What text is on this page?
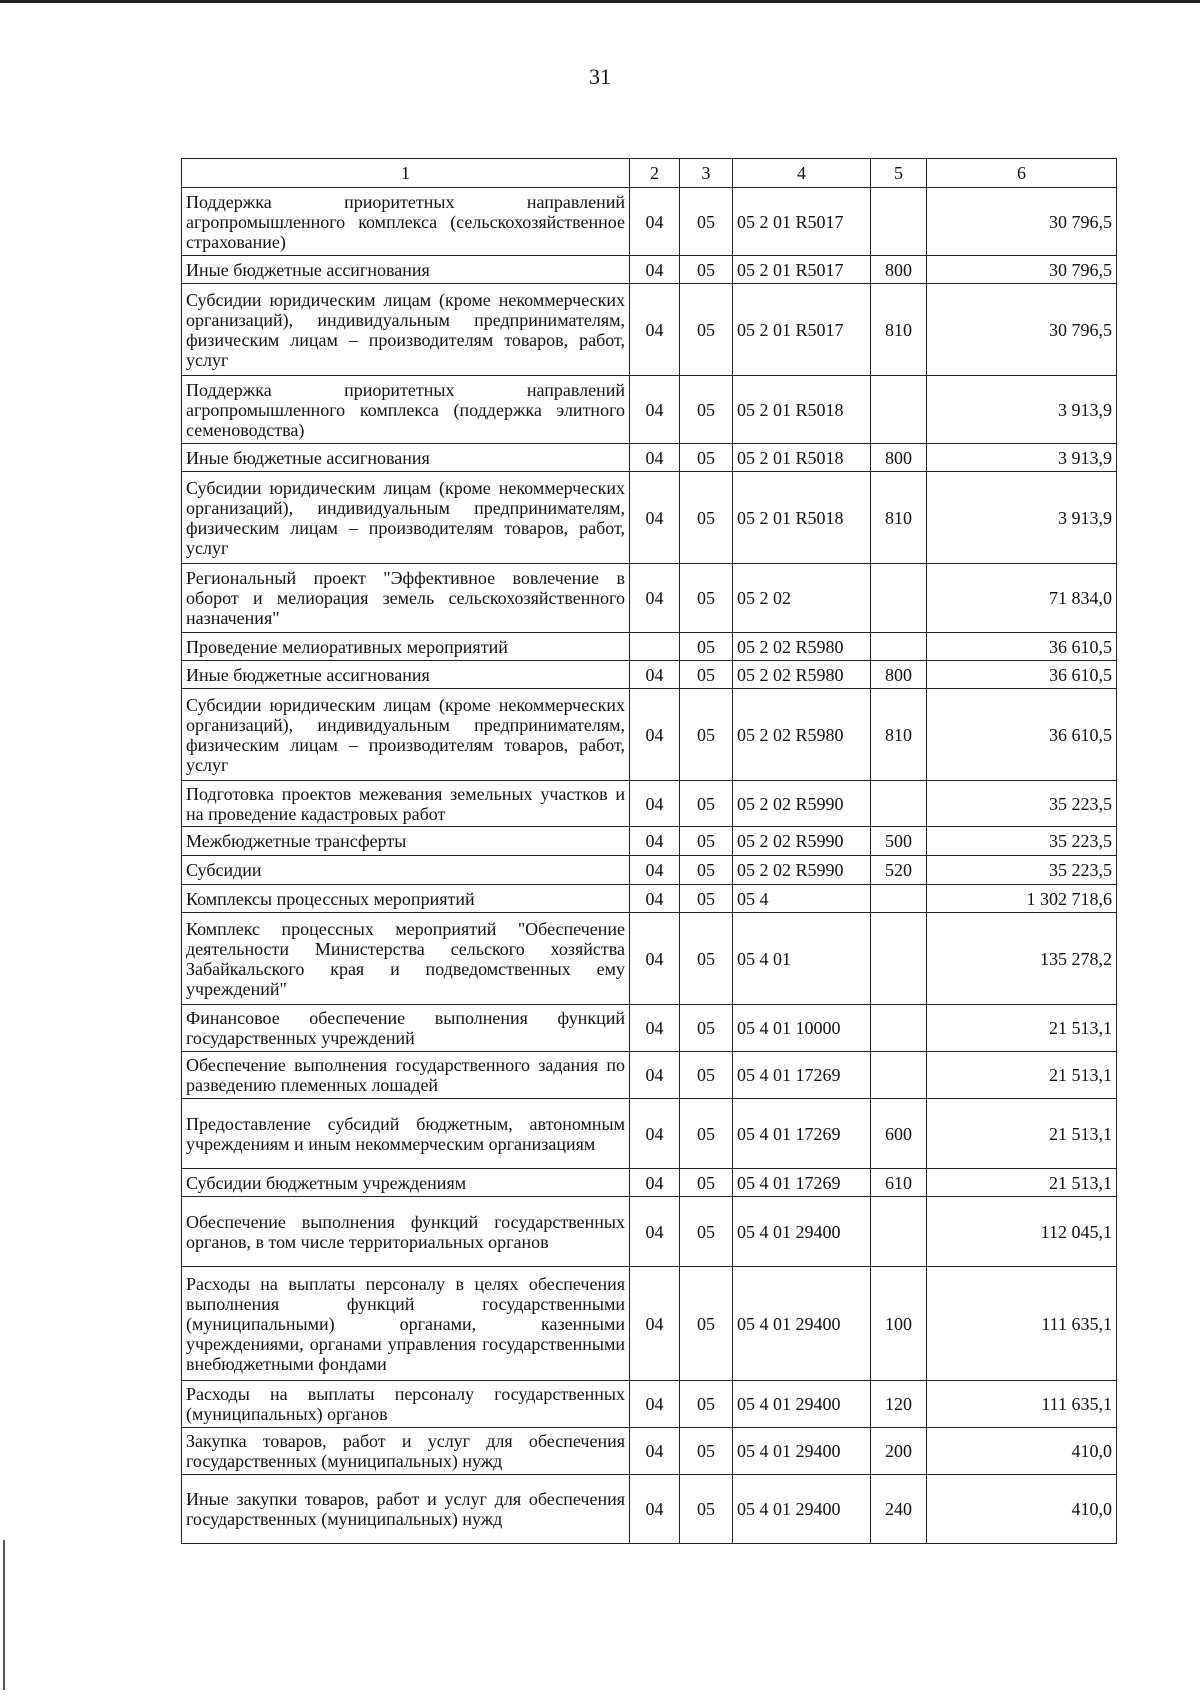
31
1	2	3	4	5	6
Поддержка приоритетных направлений агропромышленного комплекса (сельскохозяйственное страхование)	04	05	05 2 01 R5017		30 796,5
Иные бюджетные ассигнования	04	05	05 2 01 R5017	800	30 796,5
Субсидии юридическим лицам (кроме некоммерческих организаций), индивидуальным предпринимателям, физическим лицам – производителям товаров, работ, услуг	04	05	05 2 01 R5017	810	30 796,5
Поддержка приоритетных направлений агропромышленного комплекса (поддержка элитного семеноводства)	04	05	05 2 01 R5018		3 913,9
Иные бюджетные ассигнования	04	05	05 2 01 R5018	800	3 913,9
Субсидии юридическим лицам (кроме некоммерческих организаций), индивидуальным предпринимателям, физическим лицам – производителям товаров, работ, услуг	04	05	05 2 01 R5018	810	3 913,9
Региональный проект "Эффективное вовлечение в оборот и мелиорация земель сельскохозяйственного назначения"	04	05	05 2 02		71 834,0
Проведение мелиоративных мероприятий		05	05 2 02 R5980		36 610,5
Иные бюджетные ассигнования	04	05	05 2 02 R5980	800	36 610,5
Субсидии юридическим лицам (кроме некоммерческих организаций), индивидуальным предпринимателям, физическим лицам – производителям товаров, работ, услуг	04	05	05 2 02 R5980	810	36 610,5
Подготовка проектов межевания земельных участков и на проведение кадастровых работ	04	05	05 2 02 R5990		35 223,5
Межбюджетные трансферты	04	05	05 2 02 R5990	500	35 223,5
Субсидии	04	05	05 2 02 R5990	520	35 223,5
Комплексы процессных мероприятий	04	05	05 4		1 302 718,6
Комплекс процессных мероприятий "Обеспечение деятельности Министерства сельского хозяйства Забайкальского края и подведомственных ему учреждений"	04	05	05 4 01		135 278,2
Финансовое обеспечение выполнения функций государственных учреждений	04	05	05 4 01 10000		21 513,1
Обеспечение выполнения государственного задания по разведению племенных лошадей	04	05	05 4 01 17269		21 513,1
Предоставление субсидий бюджетным, автономным учреждениям и иным некоммерческим организациям	04	05	05 4 01 17269	600	21 513,1
Субсидии бюджетным учреждениям	04	05	05 4 01 17269	610	21 513,1
Обеспечение выполнения функций государственных органов, в том числе территориальных органов	04	05	05 4 01 29400		112 045,1
Расходы на выплаты персоналу в целях обеспечения выполнения функций государственными (муниципальными) органами, казенными учреждениями, органами управления государственными внебюджетными фондами	04	05	05 4 01 29400	100	111 635,1
Расходы на выплаты персоналу государственных (муниципальных) органов	04	05	05 4 01 29400	120	111 635,1
Закупка товаров, работ и услуг для обеспечения государственных (муниципальных) нужд	04	05	05 4 01 29400	200	410,0
Иные закупки товаров, работ и услуг для обеспечения государственных (муниципальных) нужд	04	05	05 4 01 29400	240	410,0
